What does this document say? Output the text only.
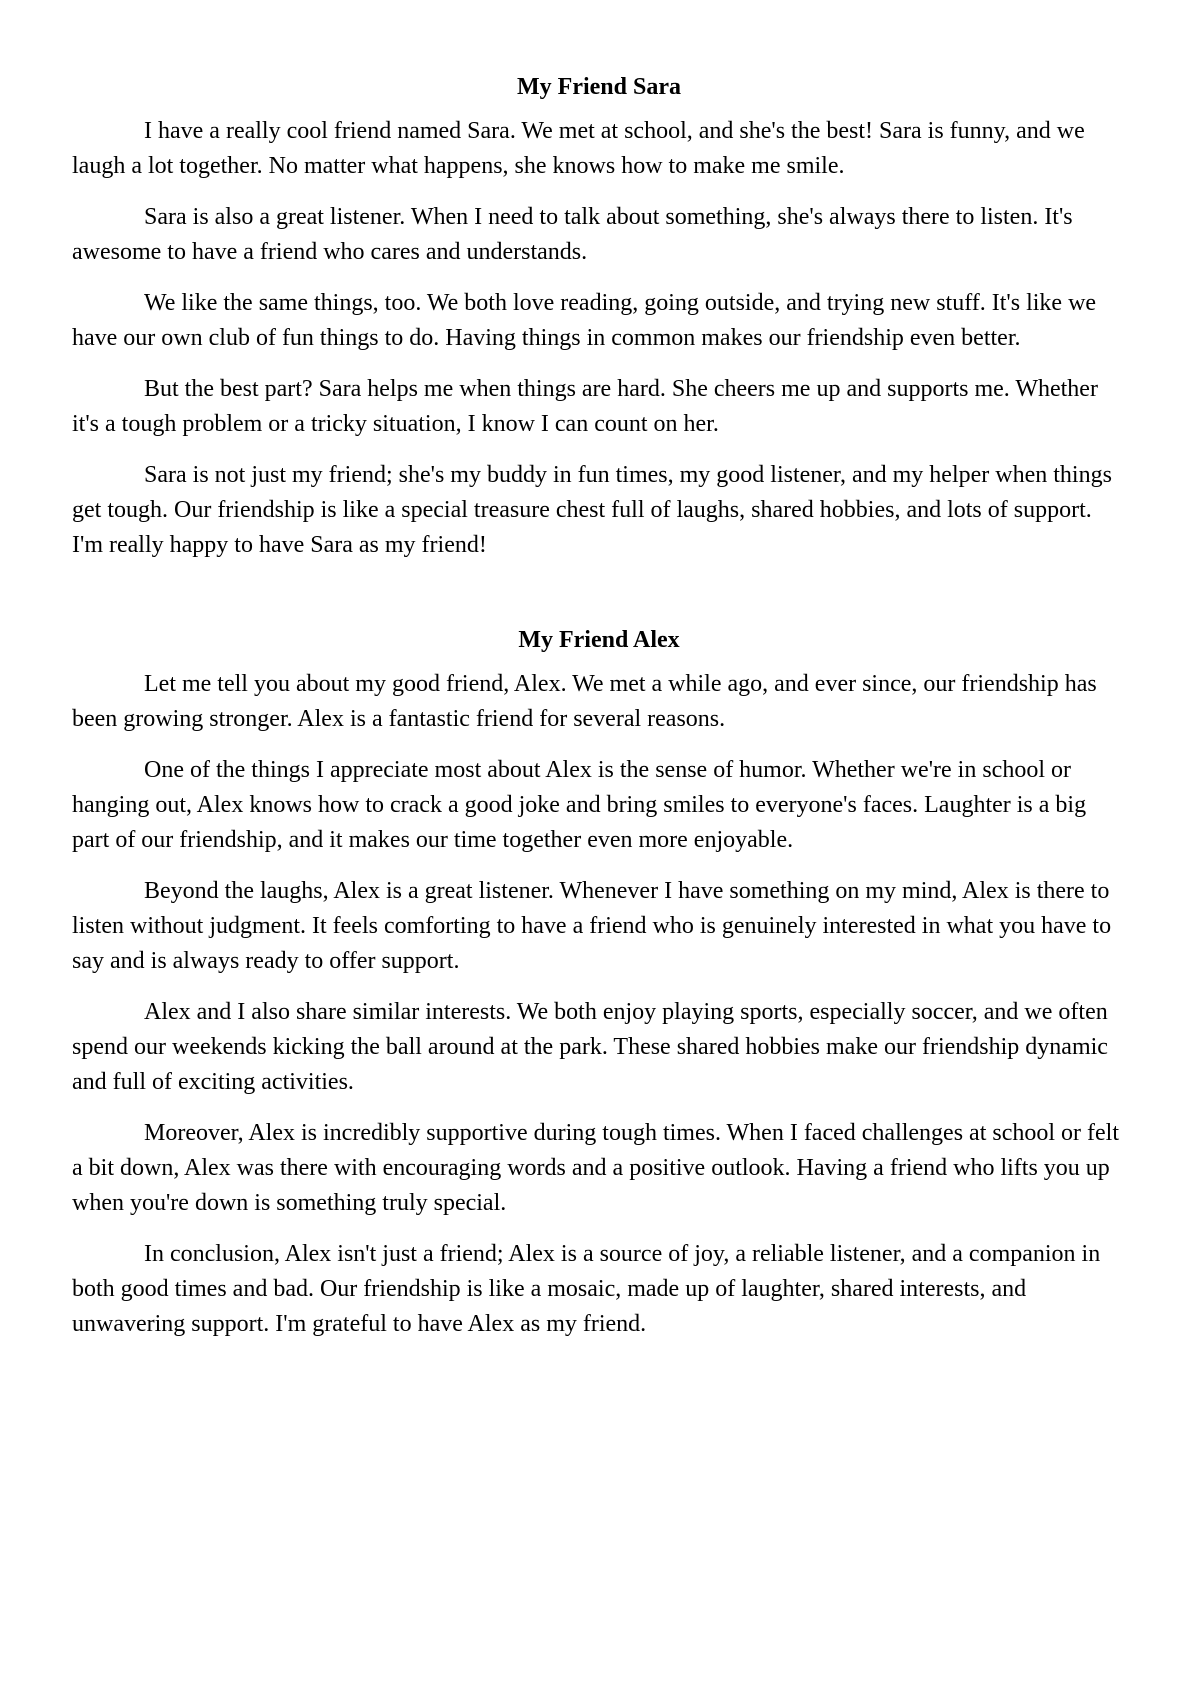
My Friend Sara

I have a really cool friend named Sara. We met at school, and she's the best! Sara is funny, and we laugh a lot together. No matter what happens, she knows how to make me smile.

Sara is also a great listener. When I need to talk about something, she's always there to listen. It's awesome to have a friend who cares and understands.

We like the same things, too. We both love reading, going outside, and trying new stuff. It's like we have our own club of fun things to do. Having things in common makes our friendship even better.

But the best part? Sara helps me when things are hard. She cheers me up and supports me. Whether it's a tough problem or a tricky situation, I know I can count on her.

Sara is not just my friend; she's my buddy in fun times, my good listener, and my helper when things get tough. Our friendship is like a special treasure chest full of laughs, shared hobbies, and lots of support. I'm really happy to have Sara as my friend!

My Friend Alex

Let me tell you about my good friend, Alex. We met a while ago, and ever since, our friendship has been growing stronger. Alex is a fantastic friend for several reasons.

One of the things I appreciate most about Alex is the sense of humor. Whether we're in school or hanging out, Alex knows how to crack a good joke and bring smiles to everyone's faces. Laughter is a big part of our friendship, and it makes our time together even more enjoyable.

Beyond the laughs, Alex is a great listener. Whenever I have something on my mind, Alex is there to listen without judgment. It feels comforting to have a friend who is genuinely interested in what you have to say and is always ready to offer support.

Alex and I also share similar interests. We both enjoy playing sports, especially soccer, and we often spend our weekends kicking the ball around at the park. These shared hobbies make our friendship dynamic and full of exciting activities.

Moreover, Alex is incredibly supportive during tough times. When I faced challenges at school or felt a bit down, Alex was there with encouraging words and a positive outlook. Having a friend who lifts you up when you're down is something truly special.

In conclusion, Alex isn't just a friend; Alex is a source of joy, a reliable listener, and a companion in both good times and bad. Our friendship is like a mosaic, made up of laughter, shared interests, and unwavering support. I'm grateful to have Alex as my friend.
